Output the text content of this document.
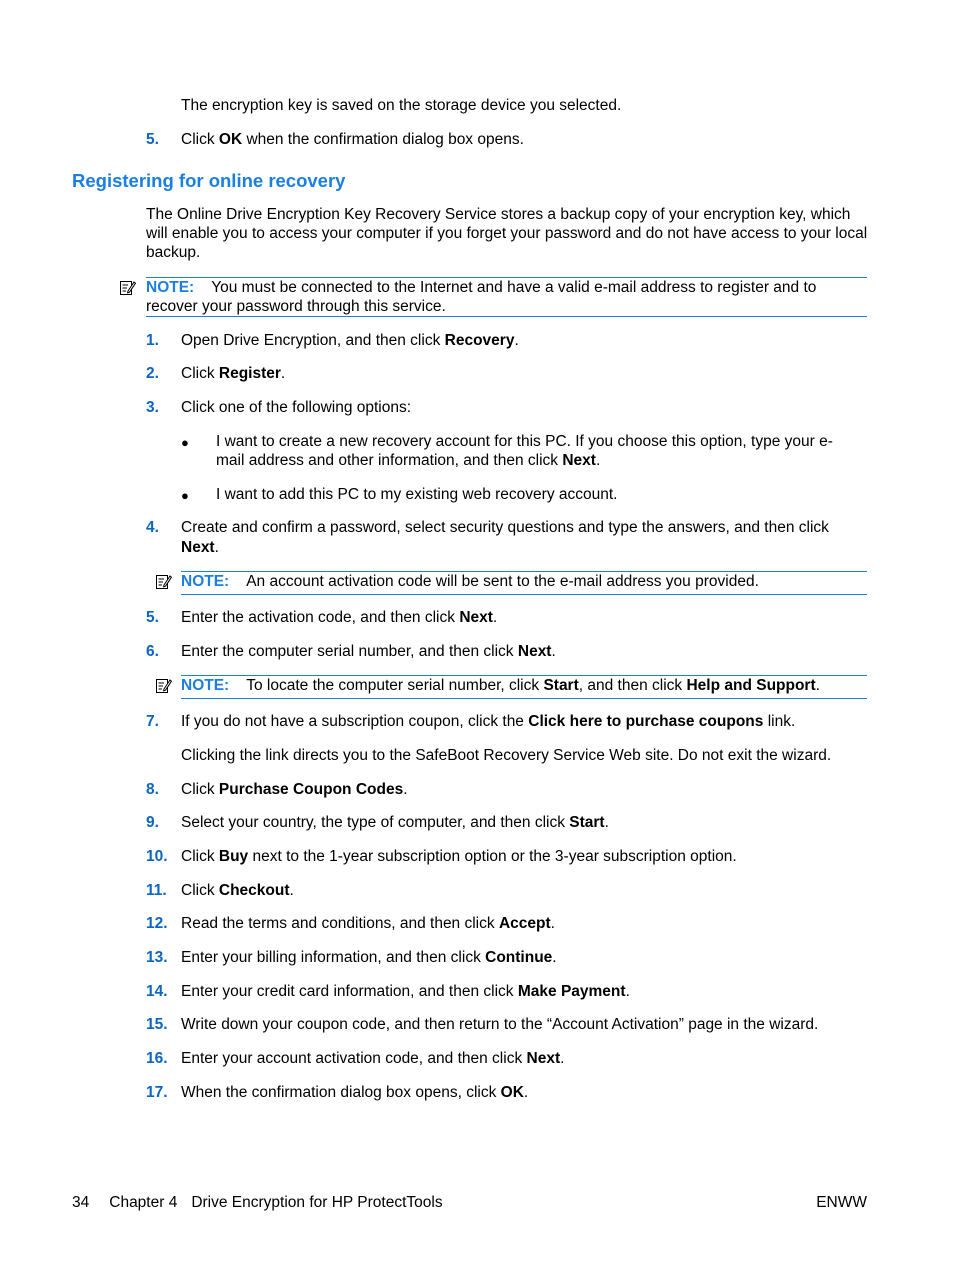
The encryption key is saved on the storage device you selected.
5. Click OK when the confirmation dialog box opens.
Registering for online recovery
The Online Drive Encryption Key Recovery Service stores a backup copy of your encryption key, which will enable you to access your computer if you forget your password and do not have access to your local backup.
NOTE: You must be connected to the Internet and have a valid e-mail address to register and to
recover your password through this service.
1. Open Drive Encryption, and then click Recovery.
2. Click Register.
3. Click one of the following options:
● I want to create a new recovery account for this PC. If you choose this option, type your e-
mail address and other information, and then click Next.
● I want to add this PC to my existing web recovery account.
4. Create and confirm a password, select security questions and type the answers, and then click
Next.
NOTE: An account activation code will be sent to the e-mail address you provided.
5. Enter the activation code, and then click Next.
6. Enter the computer serial number, and then click Next.
NOTE: To locate the computer serial number, click Start, and then click Help and Support.
7. If you do not have a subscription coupon, click the Click here to purchase coupons link.
Clicking the link directs you to the SafeBoot Recovery Service Web site. Do not exit the wizard.
8. Click Purchase Coupon Codes.
9. Select your country, the type of computer, and then click Start.
10. Click Buy next to the 1-year subscription option or the 3-year subscription option.
11. Click Checkout.
12. Read the terms and conditions, and then click Accept.
13. Enter your billing information, and then click Continue.
14. Enter your credit card information, and then click Make Payment.
15. Write down your coupon code, and then return to the “Account Activation” page in the wizard.
16. Enter your account activation code, and then click Next.
17. When the confirmation dialog box opens, click OK.
34 Chapter 4 Drive Encryption for HP ProtectTools	ENWW
